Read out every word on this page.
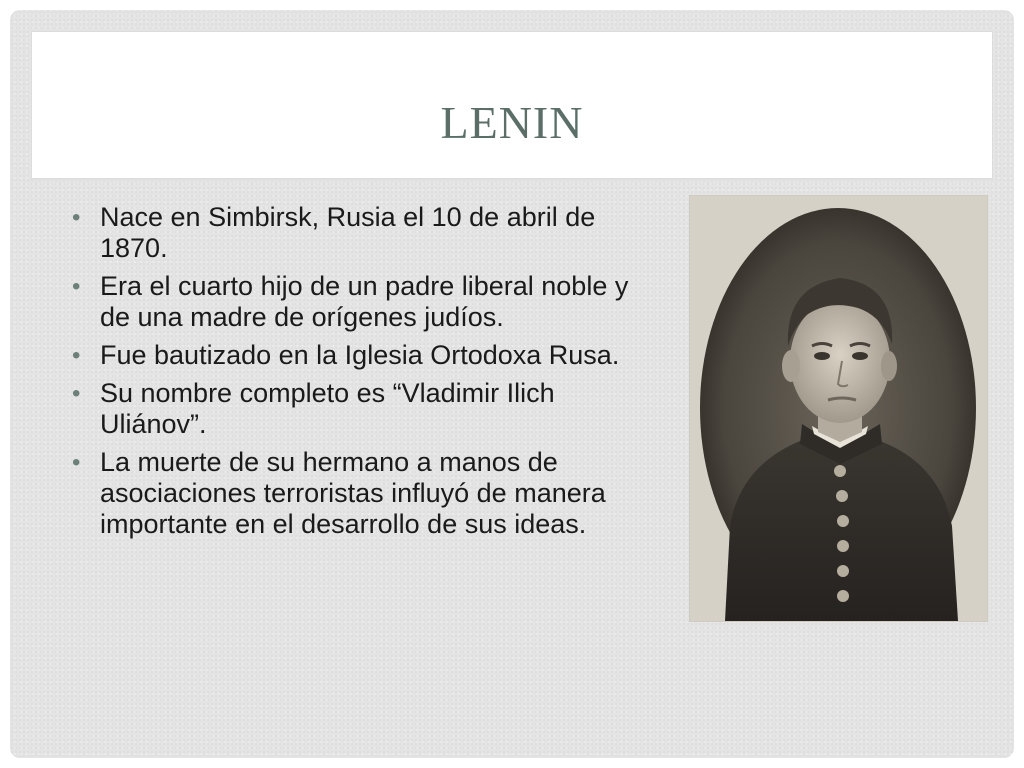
LENIN
• Nace en Simbirsk, Rusia el 10 de abril de 1870.
• Era el cuarto hijo de un padre liberal noble y de una madre de orígenes judíos.
• Fue bautizado en la Iglesia Ortodoxa Rusa.
• Su nombre completo es “Vladimir Ilich Uliánov”.
• La muerte de su hermano a manos de asociaciones terroristas influyó de manera importante en el desarrollo de sus ideas.
